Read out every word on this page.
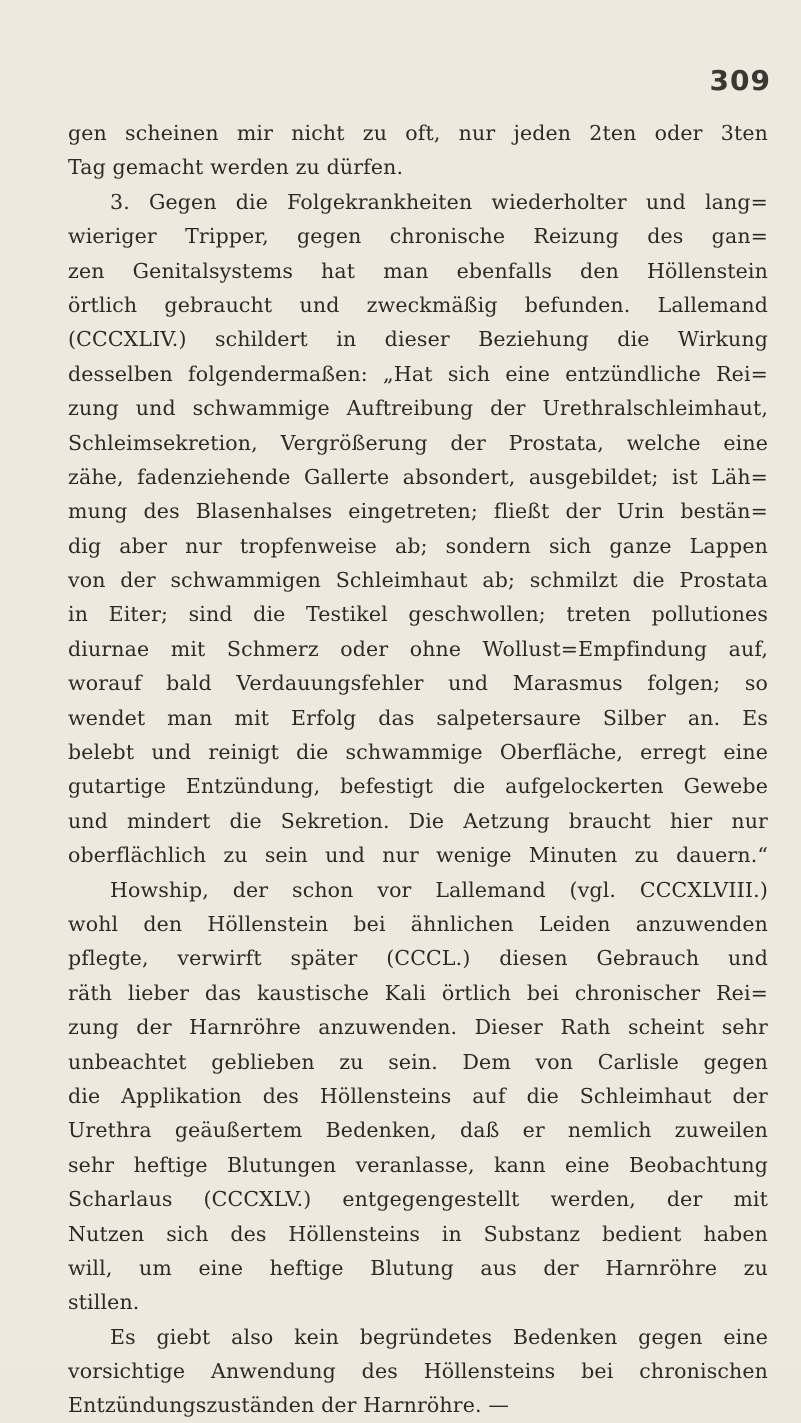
309
gen scheinen mir nicht zu oft, nur jeden 2ten oder 3ten
Tag gemacht werden zu dürfen.
3. Gegen die Folgekrankheiten wiederholter und lang=
wieriger Tripper, gegen chronische Reizung des gan=
zen Genitalsystems hat man ebenfalls den Höllenstein
örtlich gebraucht und zweckmäßig befunden. Lallemand
(CCCXLIV.) schildert in dieser Beziehung die Wirkung
desselben folgendermaßen: „Hat sich eine entzündliche Rei=
zung und schwammige Auftreibung der Urethralschleimhaut,
Schleimsekretion, Vergrößerung der Prostata, welche eine
zähe, fadenziehende Gallerte absondert, ausgebildet; ist Läh=
mung des Blasenhalses eingetreten; fließt der Urin bestän=
dig aber nur tropfenweise ab; sondern sich ganze Lappen
von der schwammigen Schleimhaut ab; schmilzt die Prostata
in Eiter; sind die Testikel geschwollen; treten pollutiones
diurnae mit Schmerz oder ohne Wollust=Empfindung auf,
worauf bald Verdauungsfehler und Marasmus folgen; so
wendet man mit Erfolg das salpetersaure Silber an. Es
belebt und reinigt die schwammige Oberfläche, erregt eine
gutartige Entzündung, befestigt die aufgelockerten Gewebe
und mindert die Sekretion. Die Aetzung braucht hier nur
oberflächlich zu sein und nur wenige Minuten zu dauern.“
Howship, der schon vor Lallemand (vgl. CCCXLVIII.)
wohl den Höllenstein bei ähnlichen Leiden anzuwenden
pflegte, verwirft später (CCCL.) diesen Gebrauch und
räth lieber das kaustische Kali örtlich bei chronischer Rei=
zung der Harnröhre anzuwenden. Dieser Rath scheint sehr
unbeachtet geblieben zu sein. Dem von Carlisle gegen
die Applikation des Höllensteins auf die Schleimhaut der
Urethra geäußertem Bedenken, daß er nemlich zuweilen
sehr heftige Blutungen veranlasse, kann eine Beobachtung
Scharlaus (CCCXLV.) entgegengestellt werden, der mit
Nutzen sich des Höllensteins in Substanz bedient haben
will, um eine heftige Blutung aus der Harnröhre zu
stillen.
Es giebt also kein begründetes Bedenken gegen eine
vorsichtige Anwendung des Höllensteins bei chronischen
Entzündungszuständen der Harnröhre. —
